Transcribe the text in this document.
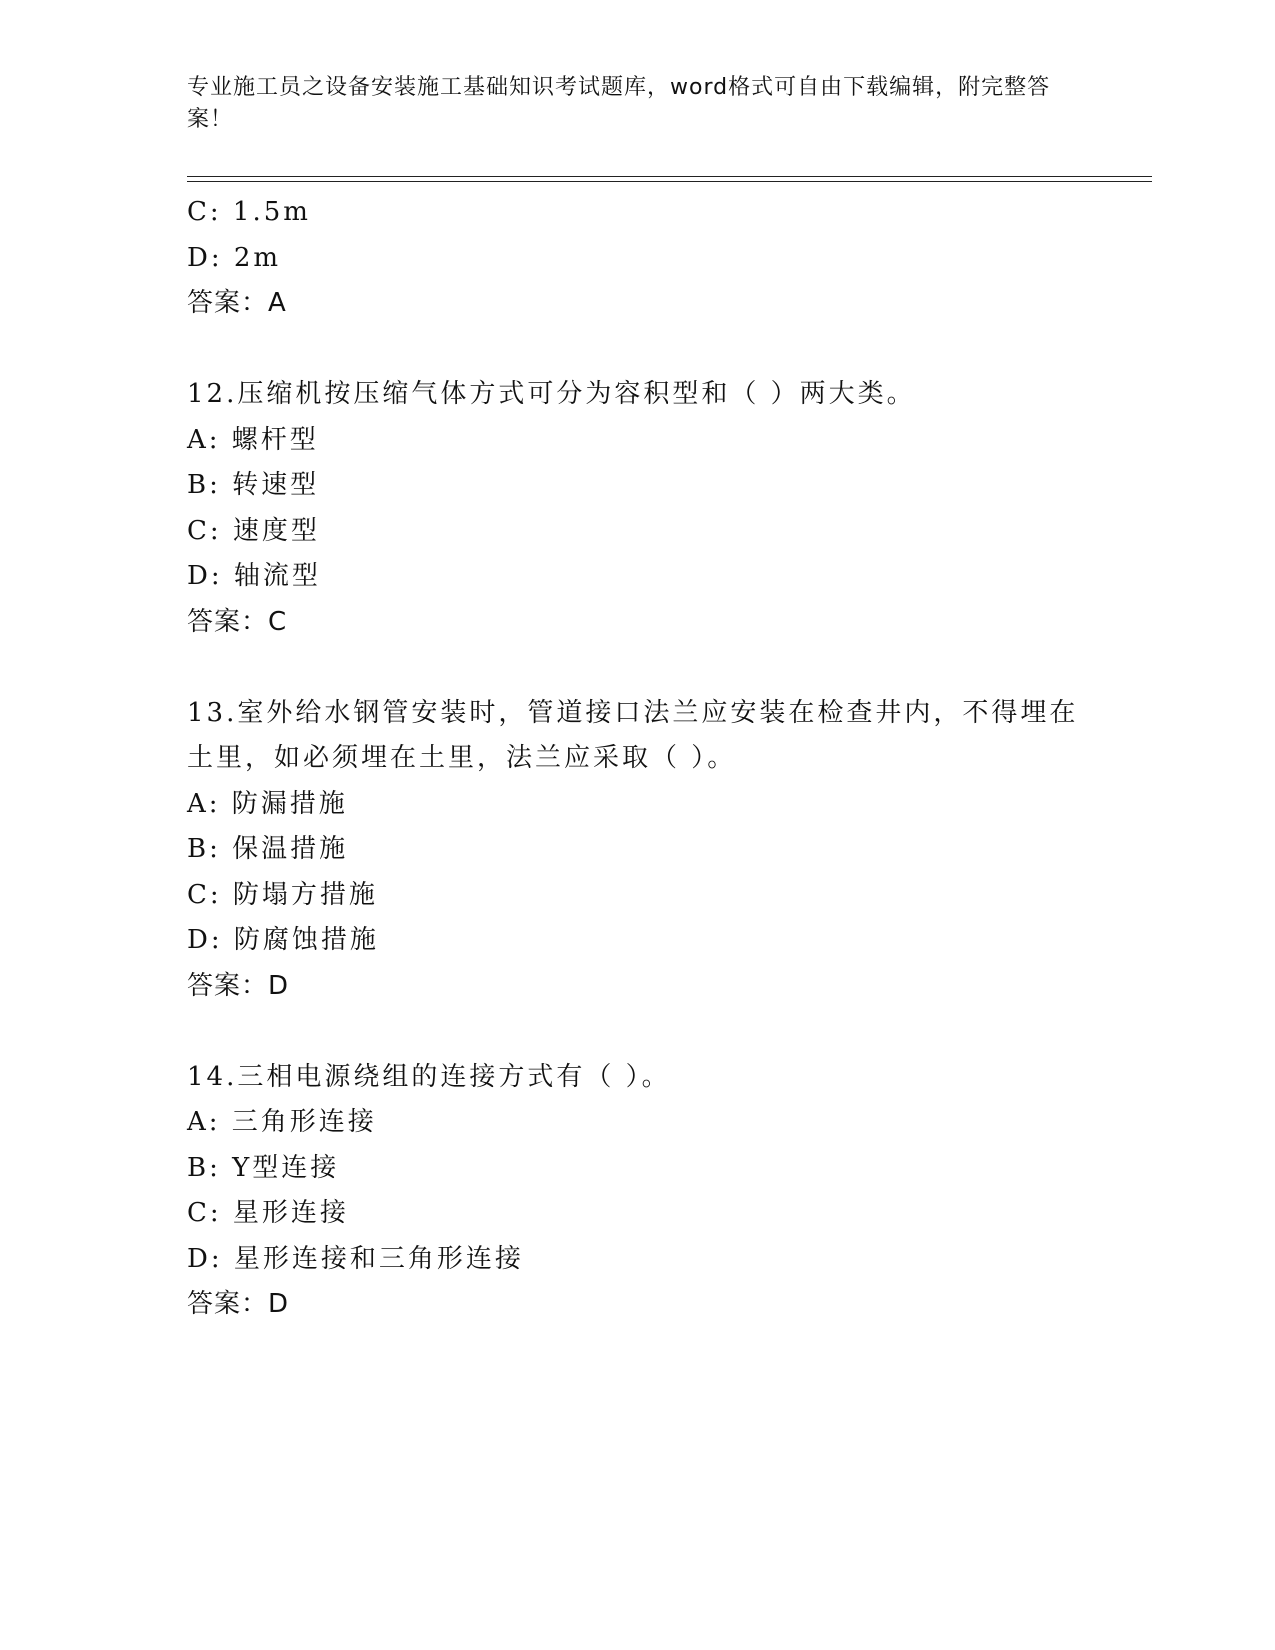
专业施工员之设备安装施工基础知识考试题库，word格式可自由下载编辑，附完整答案！
C: 1.5m
D: 2m
答案：A
12.压缩机按压缩气体方式可分为容积型和（ ）两大类。
A: 螺杆型
B: 转速型
C: 速度型
D: 轴流型
答案：C
13.室外给水钢管安装时，管道接口法兰应安装在检查井内，不得埋在土里，如必须埋在土里，法兰应采取（ ）。
A: 防漏措施
B: 保温措施
C: 防塌方措施
D: 防腐蚀措施
答案：D
14.三相电源绕组的连接方式有（ ）。
A: 三角形连接
B: Y型连接
C: 星形连接
D: 星形连接和三角形连接
答案：D
